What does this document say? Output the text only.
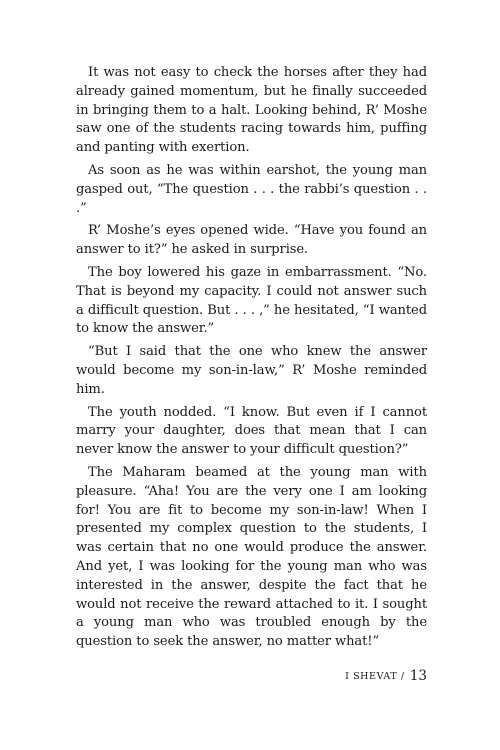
It was not easy to check the horses after they had already gained momentum, but he finally succeeded in bringing them to a halt. Looking behind, R’ Moshe saw one of the students racing towards him, puffing and panting with exertion.

As soon as he was within earshot, the young man gasped out, “The question . . . the rabbi’s question . . .”

R’ Moshe’s eyes opened wide. “Have you found an answer to it?” he asked in surprise.

The boy lowered his gaze in embarrassment. “No. That is beyond my capacity. I could not answer such a difficult question. But . . . ,” he hesitated, “I wanted to know the answer.”

“But I said that the one who knew the answer would become my son-in-law,” R’ Moshe reminded him.

The youth nodded. “I know. But even if I cannot marry your daughter, does that mean that I can never know the answer to your difficult question?”

The Maharam beamed at the young man with pleasure. “Aha! You are the very one I am looking for! You are fit to become my son-in-law! When I presented my complex question to the students, I was certain that no one would produce the answer. And yet, I was looking for the young man who was interested in the answer, despite the fact that he would not receive the reward attached to it. I sought a young man who was troubled enough by the question to seek the answer, no matter what!”

I SHEVAT / 13
